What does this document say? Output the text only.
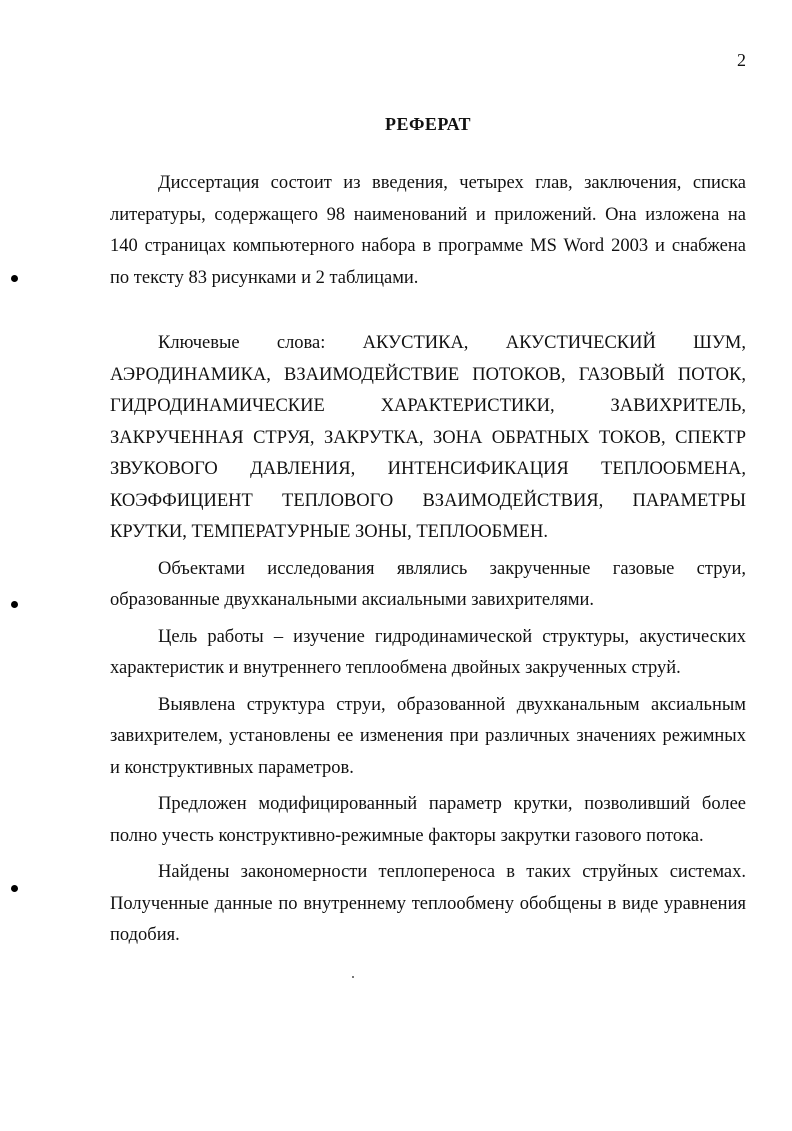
2
РЕФЕРАТ

Диссертация состоит из введения, четырех глав, заключения, списка литературы, содержащего 98 наименований и приложений. Она изложена на 140 страницах компьютерного набора в программе MS Word 2003 и снабжена по тексту 83 рисунками и 2 таблицами.

Ключевые слова: АКУСТИКА, АКУСТИЧЕСКИЙ ШУМ, АЭРОДИНАМИКА, ВЗАИМОДЕЙСТВИЕ ПОТОКОВ, ГАЗОВЫЙ ПОТОК, ГИДРОДИНАМИЧЕСКИЕ ХАРАКТЕРИСТИКИ, ЗАВИХРИТЕЛЬ, ЗАКРУЧЕННАЯ СТРУЯ, ЗАКРУТКА, ЗОНА ОБРАТНЫХ ТОКОВ, СПЕКТР ЗВУКОВОГО ДАВЛЕНИЯ, ИНТЕНСИФИКАЦИЯ ТЕПЛООБМЕНА, КОЭФФИЦИЕНТ ТЕПЛОВОГО ВЗАИМОДЕЙСТВИЯ, ПАРАМЕТРЫ КРУТКИ, ТЕМПЕРАТУРНЫЕ ЗОНЫ, ТЕПЛООБМЕН.

Объектами исследования являлись закрученные газовые струи, образованные двухканальными аксиальными завихрителями.

Цель работы – изучение гидродинамической структуры, акустических характеристик и внутреннего теплообмена двойных закрученных струй.

Выявлена структура струи, образованной двухканальным аксиальным завихрителем, установлены ее изменения при различных значениях режимных и конструктивных параметров.

Предложен модифицированный параметр крутки, позволивший более полно учесть конструктивно-режимные факторы закрутки газового потока.

Найдены закономерности теплопереноса в таких струйных системах. Полученные данные по внутреннему теплообмену обобщены в виде уравнения подобия.
